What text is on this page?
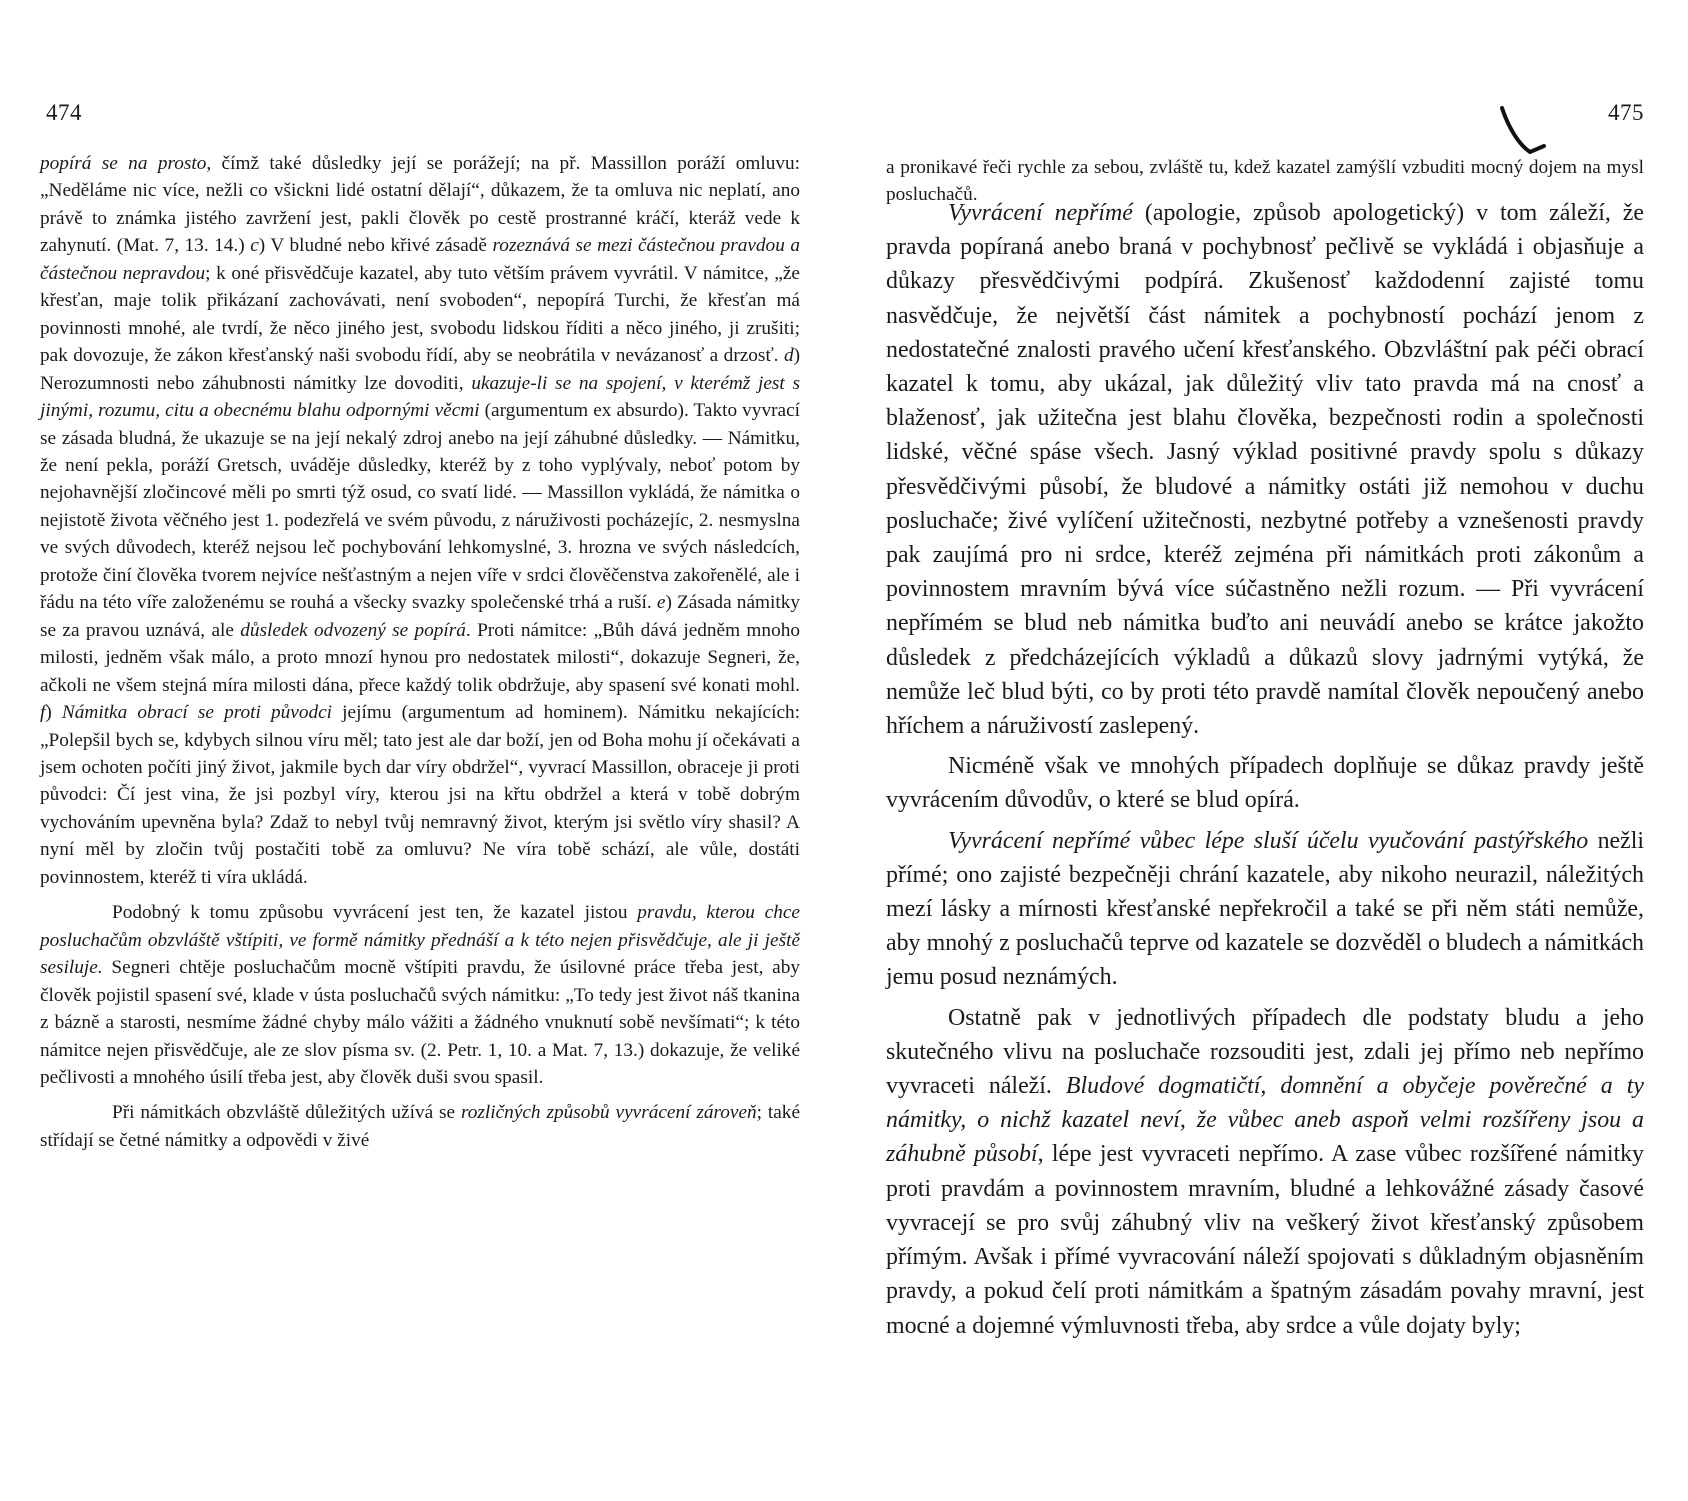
474

popírá se na prosto, čímž také důsledky její se porážejí; na př. Massillon poráží omluvu: „Neděláme nic více, nežli co všickni lidé ostatní dělají“, důkazem, že ta omluva nic neplatí, ano právě to známka jistého zavržení jest, pakli člověk po cestě prostranné kráčí, kteráž vede k zahynutí. (Mat. 7, 13. 14.) c) V bludné nebo křivé zásadě rozeznává se mezi částečnou pravdou a částečnou nepravdou; k oné přisvědčuje kazatel, aby tuto větším právem vyvrátil. V námitce, „že křesťan, maje tolik přikázaní zachovávati, není svoboden“, nepopírá Turchi, že křesťan má povinnosti mnohé, ale tvrdí, že něco jiného jest, svobodu lidskou říditi a něco jiného, ji zrušiti; pak dovozuje, že zákon křesťanský naši svobodu řídí, aby se neobrátila v nevázanosť a drzosť. d) Nerozumnosti nebo záhubnosti námitky lze dovoditi, ukazuje-li se na spojení, v kterémž jest s jinými, rozumu, citu a obecnému blahu odpornými věcmi (argumentum ex absurdo). Takto vyvrací se zásada bludná, že ukazuje se na její nekalý zdroj anebo na její záhubné důsledky. — Námitku, že není pekla, poráží Gretsch, uváděje důsledky, kteréž by z toho vyplývaly, neboť potom by nejohavnější zločincové měli po smrti týž osud, co svatí lidé. — Massillon vykládá, že námitka o nejistotě života věčného jest 1. podezřelá ve svém původu, z náruživosti pocházejíc, 2. nesmyslna ve svých důvodech, kteréž nejsou leč pochybování lehkomyslné, 3. hrozna ve svých následcích, protože činí člověka tvorem nejvíce nešťastným a nejen víře v srdci člověčenstva zakořenělé, ale i řádu na této víře založenému se rouhá a všecky svazky společenské trhá a ruší. e) Zásada námitky se za pravou uznává, ale důsledek odvozený se popírá. Proti námitce: „Bůh dává jedněm mnoho milosti, jedněm však málo, a proto mnozí hynou pro nedostatek milosti“, dokazuje Segneri, že, ačkoli ne všem stejná míra milosti dána, přece každý tolik obdržuje, aby spasení své konati mohl. f) Námitka obrací se proti původci jejímu (argumentum ad hominem). Námitku nekajících: „Polepšil bych se, kdybych silnou víru měl; tato jest ale dar boží, jen od Boha mohu jí očekávati a jsem ochoten počíti jiný život, jakmile bych dar víry obdržel“, vyvrací Massillon, obraceje ji proti původci: Čí jest vina, že jsi pozbyl víry, kterou jsi na křtu obdržel a která v tobě dobrým vychováním upevněna byla? Zdaž to nebyl tvůj nemravný život, kterým jsi světlo víry shasil? A nyní měl by zločin tvůj postačiti tobě za omluvu? Ne víra tobě schází, ale vůle, dostáti povinnostem, kteréž ti víra ukládá.

Podobný k tomu způsobu vyvrácení jest ten, že kazatel jistou pravdu, kterou chce posluchačům obzvláště vštípiti, ve formě námitky přednáší a k této nejen přisvědčuje, ale ji ještě sesiluje. Segneri chtěje posluchačům mocně vštípiti pravdu, že úsilovné práce třeba jest, aby člověk pojistil spasení své, klade v ústa posluchačů svých námitku: „To tedy jest život náš tkanina z bázně a starosti, nesmíme žádné chyby málo vážiti a žádného vnuknutí sobě nevšímati“; k této námitce nejen přisvědčuje, ale ze slov písma sv. (2. Petr. 1, 10. a Mat. 7, 13.) dokazuje, že veliké pečlivosti a mnohého úsilí třeba jest, aby člověk duši svou spasil.

Při námitkách obzvláště důležitých užívá se rozličných způsobů vyvrácení zároveň; také střídají se četné námitky a odpovědi v živé

475

a pronikavé řeči rychle za sebou, zvláště tu, kdež kazatel zamýšlí vzbuditi mocný dojem na mysl posluchačů.

Vyvrácení nepřímé (apologie, způsob apologetický) v tom záleží, že pravda popíraná anebo braná v pochybnosť pečlivě se vykládá i objasňuje a důkazy přesvědčivými podpírá. Zkušenosť každodenní zajisté tomu nasvědčuje, že největší část námitek a pochybností pochází jenom z nedostatečné znalosti pravého učení křesťanského. Obzvláštní pak péči obrací kazatel k tomu, aby ukázal, jak důležitý vliv tato pravda má na cnosť a blaženosť, jak užitečna jest blahu člověka, bezpečnosti rodin a společnosti lidské, věčné spáse všech. Jasný výklad positivné pravdy spolu s důkazy přesvědčivými působí, že bludové a námitky ostáti již nemohou v duchu posluchače; živé vylíčení užitečnosti, nezbytné potřeby a vznešenosti pravdy pak zaujímá pro ni srdce, kteréž zejména při námitkách proti zákonům a povinnostem mravním bývá více súčastněno nežli rozum. — Při vyvrácení nepřímém se blud neb námitka buďto ani neuvádí anebo se krátce jakožto důsledek z předcházejících výkladů a důkazů slovy jadrnými vytýká, že nemůže leč blud býti, co by proti této pravdě namítal člověk nepoučený anebo hříchem a náruživostí zaslepený.

Nicméně však ve mnohých případech doplňuje se důkaz pravdy ještě vyvrácením důvodův, o které se blud opírá.

Vyvrácení nepřímé vůbec lépe sluší účelu vyučování pastýřského nežli přímé; ono zajisté bezpečněji chrání kazatele, aby nikoho neurazil, náležitých mezí lásky a mírnosti křesťanské nepřekročil a také se při něm státi nemůže, aby mnohý z posluchačů teprve od kazatele se dozvěděl o bludech a námitkách jemu posud neznámých.

Ostatně pak v jednotlivých případech dle podstaty bludu a jeho skutečného vlivu na posluchače rozsouditi jest, zdali jej přímo neb nepřímo vyvraceti náleží. Bludové dogmatičtí, domnění a obyčeje pověrečné a ty námitky, o nichž kazatel neví, že vůbec aneb aspoň velmi rozšířeny jsou a záhubně působí, lépe jest vyvraceti nepřímo. A zase vůbec rozšířené námitky proti pravdám a povinnostem mravním, bludné a lehkovážné zásady časové vyvracejí se pro svůj záhubný vliv na veškerý život křesťanský způsobem přímým. Avšak i přímé vyvracování náleží spojovati s důkladným objasněním pravdy, a pokud čelí proti námitkám a špatným zásadám povahy mravní, jest mocné a dojemné výmluvnosti třeba, aby srdce a vůle dojaty byly;
